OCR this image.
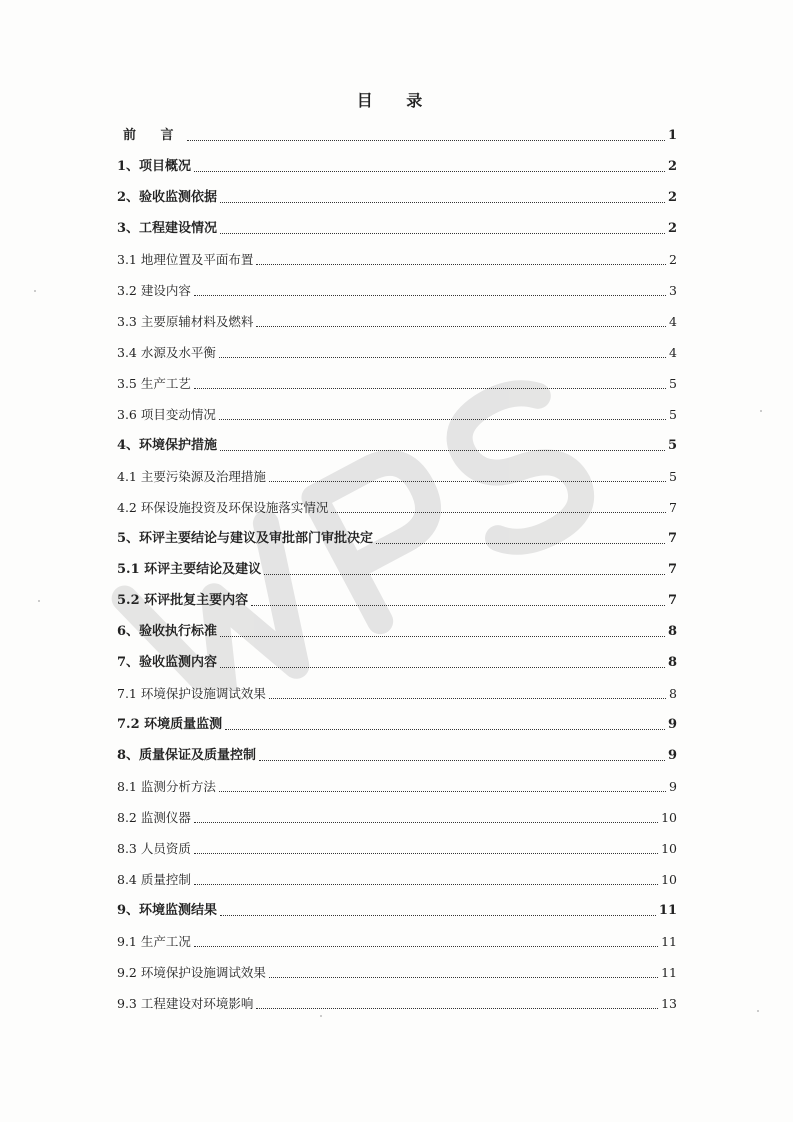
目 录
前 言	1
1、项目概况	2
2、验收监测依据	2
3、工程建设情况	2
3.1 地理位置及平面布置	2
3.2 建设内容	3
3.3 主要原辅材料及燃料	4
3.4 水源及水平衡	4
3.5 生产工艺	5
3.6 项目变动情况	5
4、环境保护措施	5
4.1 主要污染源及治理措施	5
4.2 环保设施投资及环保设施落实情况	7
5、环评主要结论与建议及审批部门审批决定	7
5.1 环评主要结论及建议	7
5.2 环评批复主要内容	7
6、验收执行标准	8
7、验收监测内容	8
7.1 环境保护设施调试效果	8
7.2 环境质量监测	9
8、质量保证及质量控制	9
8.1 监测分析方法	9
8.2 监测仪器	10
8.3 人员资质	10
8.4 质量控制	10
9、环境监测结果	11
9.1 生产工况	11
9.2 环境保护设施调试效果	11
9.3 工程建设对环境影响	13
